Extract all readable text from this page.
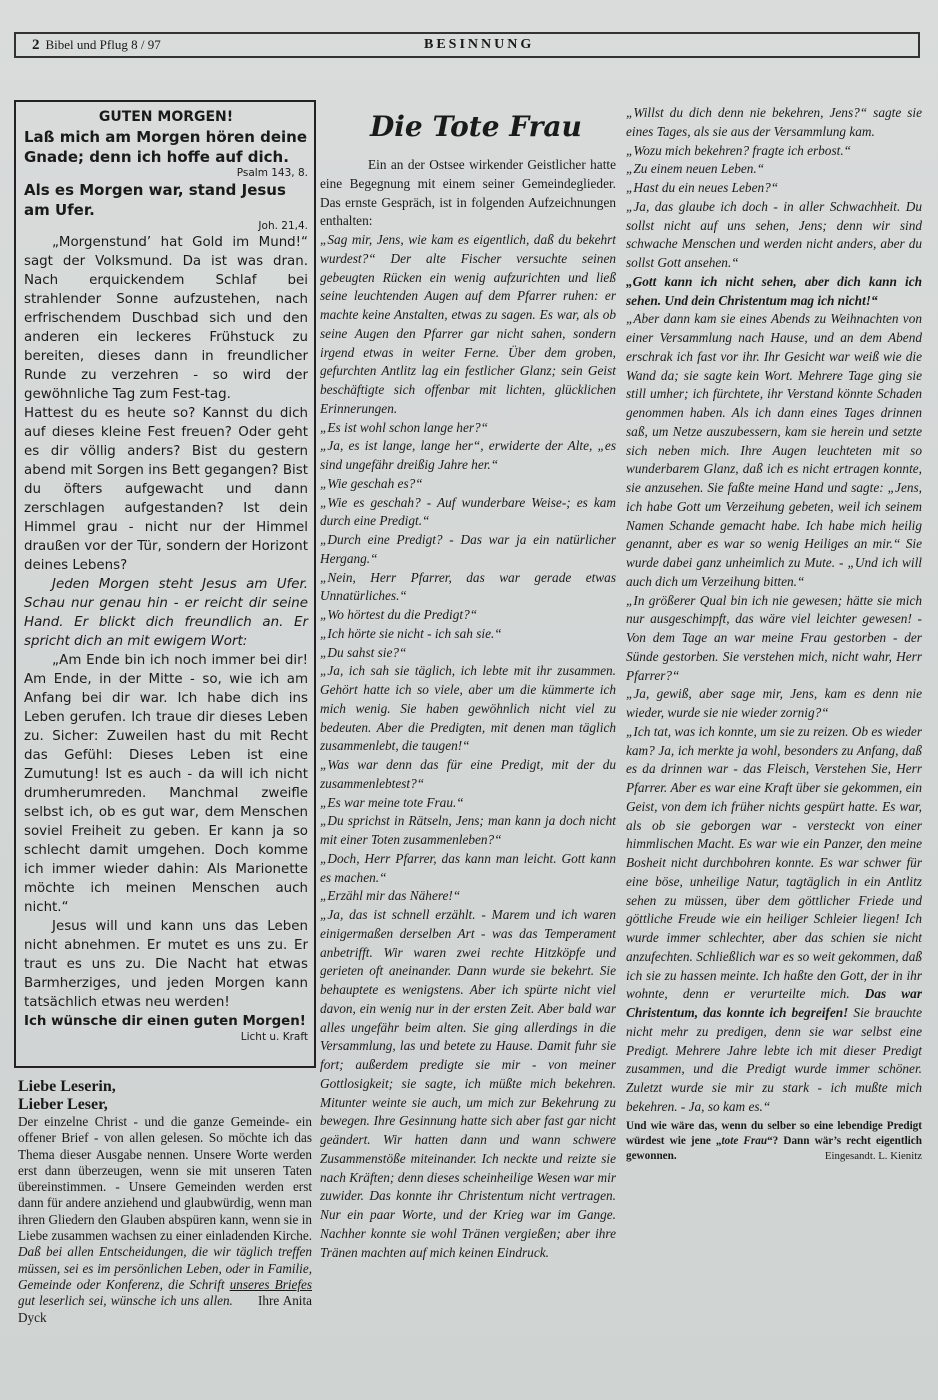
2 Bibel und Pflug 8 / 97	BESINNUNG

GUTEN MORGEN!

Laß mich am Morgen hören deine Gnade; denn ich hoffe auf dich.

Psalm 143, 8.

Als es Morgen war, stand Jesus am Ufer.

Joh. 21,4.

„Morgenstund’ hat Gold im Mund!“ sagt der Volksmund. Da ist was dran. Nach erquickendem Schlaf bei strahlender Sonne aufzustehen, nach erfrischendem Duschbad sich und den anderen ein leckeres Frühstuck zu bereiten, dieses dann in freundlicher Runde zu verzehren - so wird der gewöhnliche Tag zum Fest-tag.

Hattest du es heute so? Kannst du dich auf dieses kleine Fest freuen? Oder geht es dir völlig anders? Bist du gestern abend mit Sorgen ins Bett gegangen? Bist du öfters aufgewacht und dann zerschlagen aufgestanden? Ist dein Himmel grau - nicht nur der Himmel draußen vor der Tür, sondern der Horizont deines Lebens?

Jeden Morgen steht Jesus am Ufer. Schau nur genau hin - er reicht dir seine Hand. Er blickt dich freundlich an. Er spricht dich an mit ewigem Wort:

„Am Ende bin ich noch immer bei dir! Am Ende, in der Mitte - so, wie ich am Anfang bei dir war. Ich habe dich ins Leben gerufen. Ich traue dir dieses Leben zu. Sicher: Zuweilen hast du mit Recht das Gefühl: Dieses Leben ist eine Zumutung! Ist es auch - da will ich nicht drumherumreden. Manchmal zweifle selbst ich, ob es gut war, dem Menschen soviel Freiheit zu geben. Er kann ja so schlecht damit umgehen. Doch komme ich immer wieder dahin: Als Marionette möchte ich meinen Menschen auch nicht.“

Jesus will und kann uns das Leben nicht abnehmen. Er mutet es uns zu. Er traut es uns zu. Die Nacht hat etwas Barmherziges, und jeden Morgen kann tatsächlich etwas neu werden!

Ich wünsche dir einen guten Morgen!

Licht u. Kraft

Liebe Leserin,
Lieber Leser,

Der einzelne Christ - und die ganze Gemeinde- ein offener Brief - von allen gelesen. So möchte ich das Thema dieser Ausgabe nennen. Unsere Worte werden erst dann überzeugen, wenn sie mit unseren Taten übereinstimmen. - Unsere Gemeinden werden erst dann für andere anziehend und glaubwürdig, wenn man ihren Gliedern den Glauben abspüren kann, wenn sie in Liebe zusammen wachsen zu einer einladenden Kirche. Daß bei allen Entscheidungen, die wir täglich treffen müssen, sei es im persönlichen Leben, oder in Familie, Gemeinde oder Konferenz, die Schrift unseres Briefes gut leserlich sei, wünsche ich uns allen. Ihre Anita Dyck

Die Tote Frau

Ein an der Ostsee wirkender Geistlicher hatte eine Begegnung mit einem seiner Gemeindeglieder. Das ernste Gespräch, ist in folgenden Aufzeichnungen enthalten:

„Sag mir, Jens, wie kam es eigentlich, daß du bekehrt wurdest?“ Der alte Fischer versuchte seinen gebeugten Rücken ein wenig aufzurichten und ließ seine leuchtenden Augen auf dem Pfarrer ruhen: er machte keine Anstalten, etwas zu sagen. Es war, als ob seine Augen den Pfarrer gar nicht sahen, sondern irgend etwas in weiter Ferne. Über dem groben, gefurchten Antlitz lag ein festlicher Glanz; sein Geist beschäftigte sich offenbar mit lichten, glücklichen Erinnerungen.

„Es ist wohl schon lange her?“

„Ja, es ist lange, lange her“, erwiderte der Alte, „es sind ungefähr dreißig Jahre her.“

„Wie geschah es?“

„Wie es geschah? - Auf wunderbare Weise-; es kam durch eine Predigt.“

„Durch eine Predigt? - Das war ja ein natürlicher Hergang.“

„Nein, Herr Pfarrer, das war gerade etwas Unnatürliches.“

„Wo hörtest du die Predigt?“

„Ich hörte sie nicht - ich sah sie.“

„Du sahst sie?“

„Ja, ich sah sie täglich, ich lebte mit ihr zusammen. Gehört hatte ich so viele, aber um die kümmerte ich mich wenig. Sie haben gewöhnlich nicht viel zu bedeuten. Aber die Predigten, mit denen man täglich zusammenlebt, die taugen!“

„Was war denn das für eine Predigt, mit der du zusammenlebtest?“

„Es war meine tote Frau.“

„Du sprichst in Rätseln, Jens; man kann ja doch nicht mit einer Toten zusammenleben?“

„Doch, Herr Pfarrer, das kann man leicht. Gott kann es machen.“

„Erzähl mir das Nähere!“

„Ja, das ist schnell erzählt. - Marem und ich waren einigermaßen derselben Art - was das Temperament anbetrifft. Wir waren zwei rechte Hitzköpfe und gerieten oft aneinander. Dann wurde sie bekehrt. Sie behauptete es wenigstens. Aber ich spürte nicht viel davon, ein wenig nur in der ersten Zeit. Aber bald war alles ungefähr beim alten. Sie ging allerdings in die Versammlung, las und betete zu Hause. Damit fuhr sie fort; außerdem predigte sie mir - von meiner Gottlosigkeit; sie sagte, ich müßte mich bekehren. Mitunter weinte sie auch, um mich zur Bekehrung zu bewegen. Ihre Gesinnung hatte sich aber fast gar nicht geändert. Wir hatten dann und wann schwere Zusammenstöße miteinander. Ich neckte und reizte sie nach Kräften; denn dieses scheinheilige Wesen war mir zuwider. Das konnte ihr Christentum nicht vertragen. Nur ein paar Worte, und der Krieg war im Gange. Nachher konnte sie wohl Tränen vergießen; aber ihre Tränen machten auf mich keinen Eindruck.

„Willst du dich denn nie bekehren, Jens?“ sagte sie eines Tages, als sie aus der Versammlung kam.

„Wozu mich bekehren? fragte ich erbost.“

„Zu einem neuen Leben.“

„Hast du ein neues Leben?“

„Ja, das glaube ich doch - in aller Schwachheit. Du sollst nicht auf uns sehen, Jens; denn wir sind schwache Menschen und werden nicht anders, aber du sollst Gott ansehen.“

„Gott kann ich nicht sehen, aber dich kann ich sehen. Und dein Christentum mag ich nicht!“

„Aber dann kam sie eines Abends zu Weihnachten von einer Versammlung nach Hause, und an dem Abend erschrak ich fast vor ihr. Ihr Gesicht war weiß wie die Wand da; sie sagte kein Wort. Mehrere Tage ging sie still umher; ich fürchtete, ihr Verstand könnte Schaden genommen haben. Als ich dann eines Tages drinnen saß, um Netze auszubessern, kam sie herein und setzte sich neben mich. Ihre Augen leuchteten mit so wunderbarem Glanz, daß ich es nicht ertragen konnte, sie anzusehen. Sie faßte meine Hand und sagte: „Jens, ich habe Gott um Verzeihung gebeten, weil ich seinem Namen Schande gemacht habe. Ich habe mich heilig genannt, aber es war so wenig Heiliges an mir.“ Sie wurde dabei ganz unheimlich zu Mute. - „Und ich will auch dich um Verzeihung bitten.“

„In größerer Qual bin ich nie gewesen; hätte sie mich nur ausgeschimpft, das wäre viel leichter gewesen! - Von dem Tage an war meine Frau gestorben - der Sünde gestorben. Sie verstehen mich, nicht wahr, Herr Pfarrer?“

„Ja, gewiß, aber sage mir, Jens, kam es denn nie wieder, wurde sie nie wieder zornig?“

„Ich tat, was ich konnte, um sie zu reizen. Ob es wieder kam? Ja, ich merkte ja wohl, besonders zu Anfang, daß es da drinnen war - das Fleisch, Verstehen Sie, Herr Pfarrer. Aber es war eine Kraft über sie gekommen, ein Geist, von dem ich früher nichts gespürt hatte. Es war, als ob sie geborgen war - versteckt von einer himmlischen Macht. Es war wie ein Panzer, den meine Bosheit nicht durchbohren konnte. Es war schwer für eine böse, unheilige Natur, tagtäglich in ein Antlitz sehen zu müssen, über dem göttlicher Friede und göttliche Freude wie ein heiliger Schleier liegen! Ich wurde immer schlechter, aber das schien sie nicht anzufechten. Schließlich war es so weit gekommen, daß ich sie zu hassen meinte. Ich haßte den Gott, der in ihr wohnte, denn er verurteilte mich. Das war Christentum, das konnte ich begreifen! Sie brauchte nicht mehr zu predigen, denn sie war selbst eine Predigt. Mehrere Jahre lebte ich mit dieser Predigt zusammen, und die Predigt wurde immer schöner. Zuletzt wurde sie mir zu stark - ich mußte mich bekehren. - Ja, so kam es.“

Und wie wäre das, wenn du selber so eine lebendige Predigt würdest wie jene „tote Frau“? Dann wär’s recht eigentlich gewonnen.	Eingesandt. L. Kienitz
